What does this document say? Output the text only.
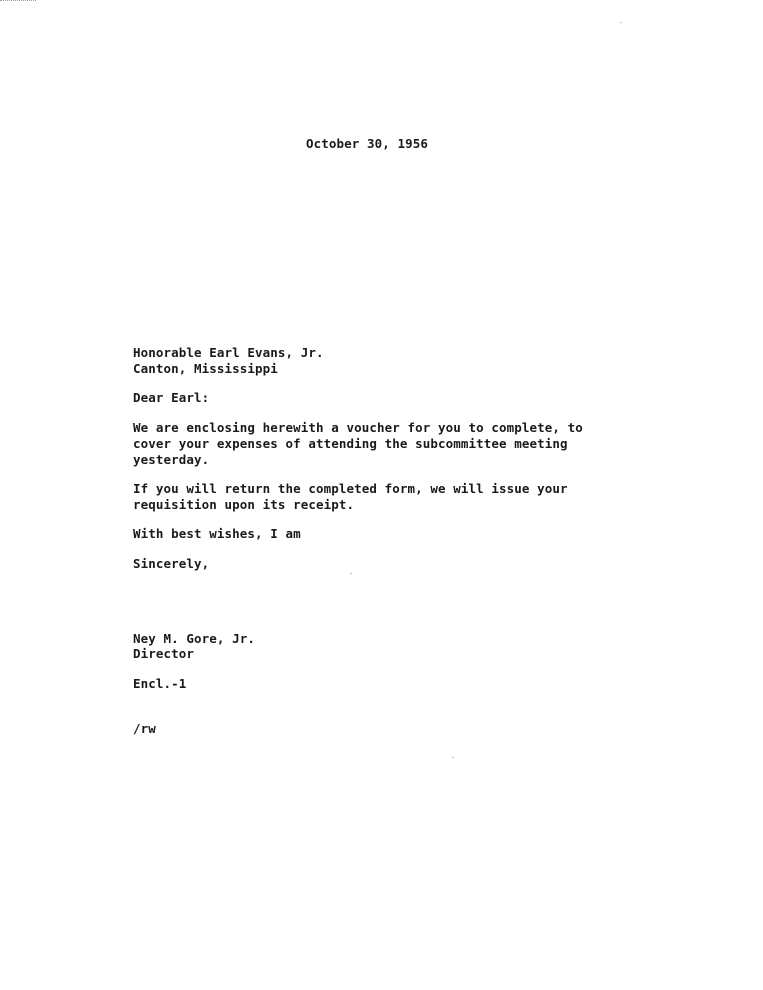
October 30, 1956
Honorable Earl Evans, Jr.
Canton, Mississippi
Dear Earl:
We are enclosing herewith a voucher for you to complete, to
cover your expenses of attending the subcommittee meeting
yesterday.
If you will return the completed form, we will issue your
requisition upon its receipt.
With best wishes, I am
Sincerely,
Ney M. Gore, Jr.
Director
Encl.-1
/rw
